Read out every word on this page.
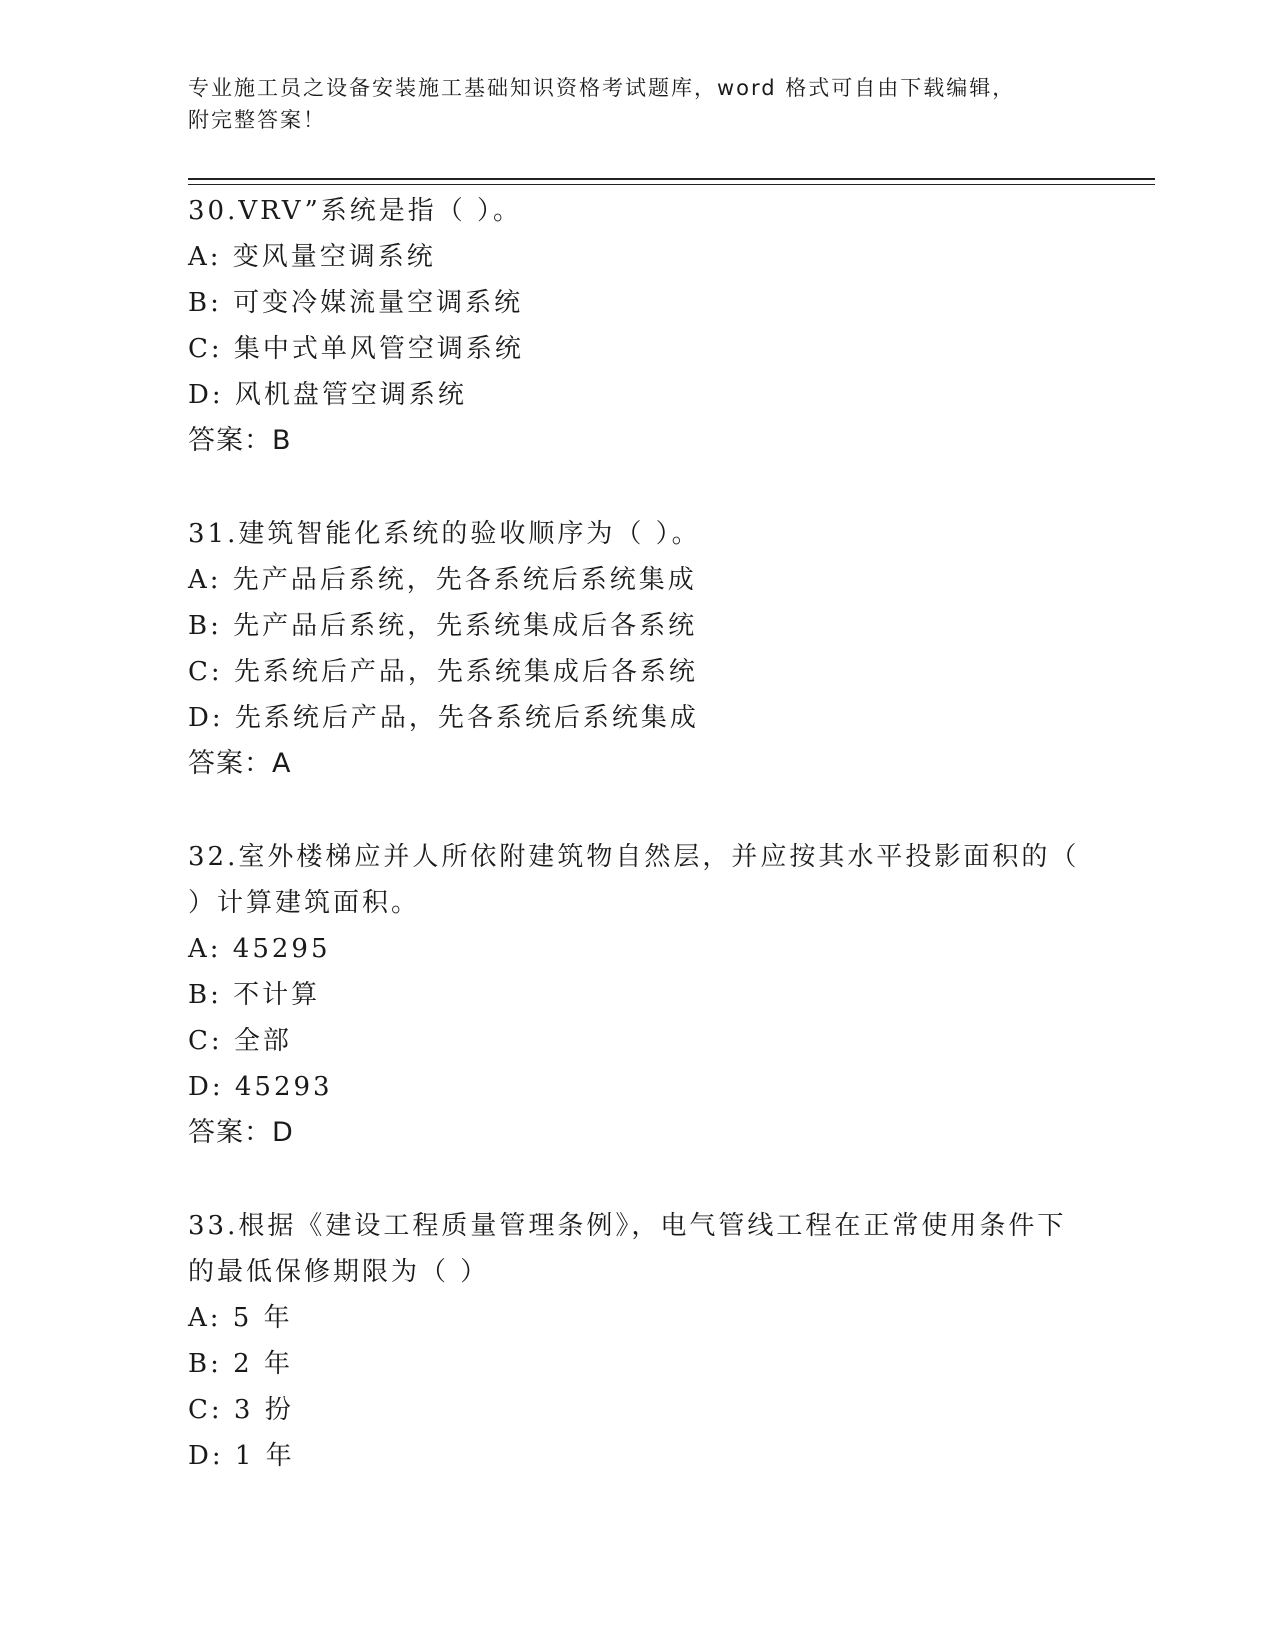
专业施工员之设备安装施工基础知识资格考试题库，word 格式可自由下载编辑，
附完整答案！
30.VRV”系统是指（ ）。
A: 变风量空调系统
B: 可变冷媒流量空调系统
C: 集中式单风管空调系统
D: 风机盘管空调系统
答案：B
31.建筑智能化系统的验收顺序为（ ）。
A: 先产品后系统，先各系统后系统集成
B: 先产品后系统，先系统集成后各系统
C: 先系统后产品，先系统集成后各系统
D: 先系统后产品，先各系统后系统集成
答案：A
32.室外楼梯应并人所依附建筑物自然层，并应按其水平投影面积的（
）计算建筑面积。
A: 45295
B: 不计算
C: 全部
D: 45293
答案：D
33.根据《建设工程质量管理条例》，电气管线工程在正常使用条件下
的最低保修期限为（ ）
A: 5 年
B: 2 年
C: 3 扮
D: 1 年
